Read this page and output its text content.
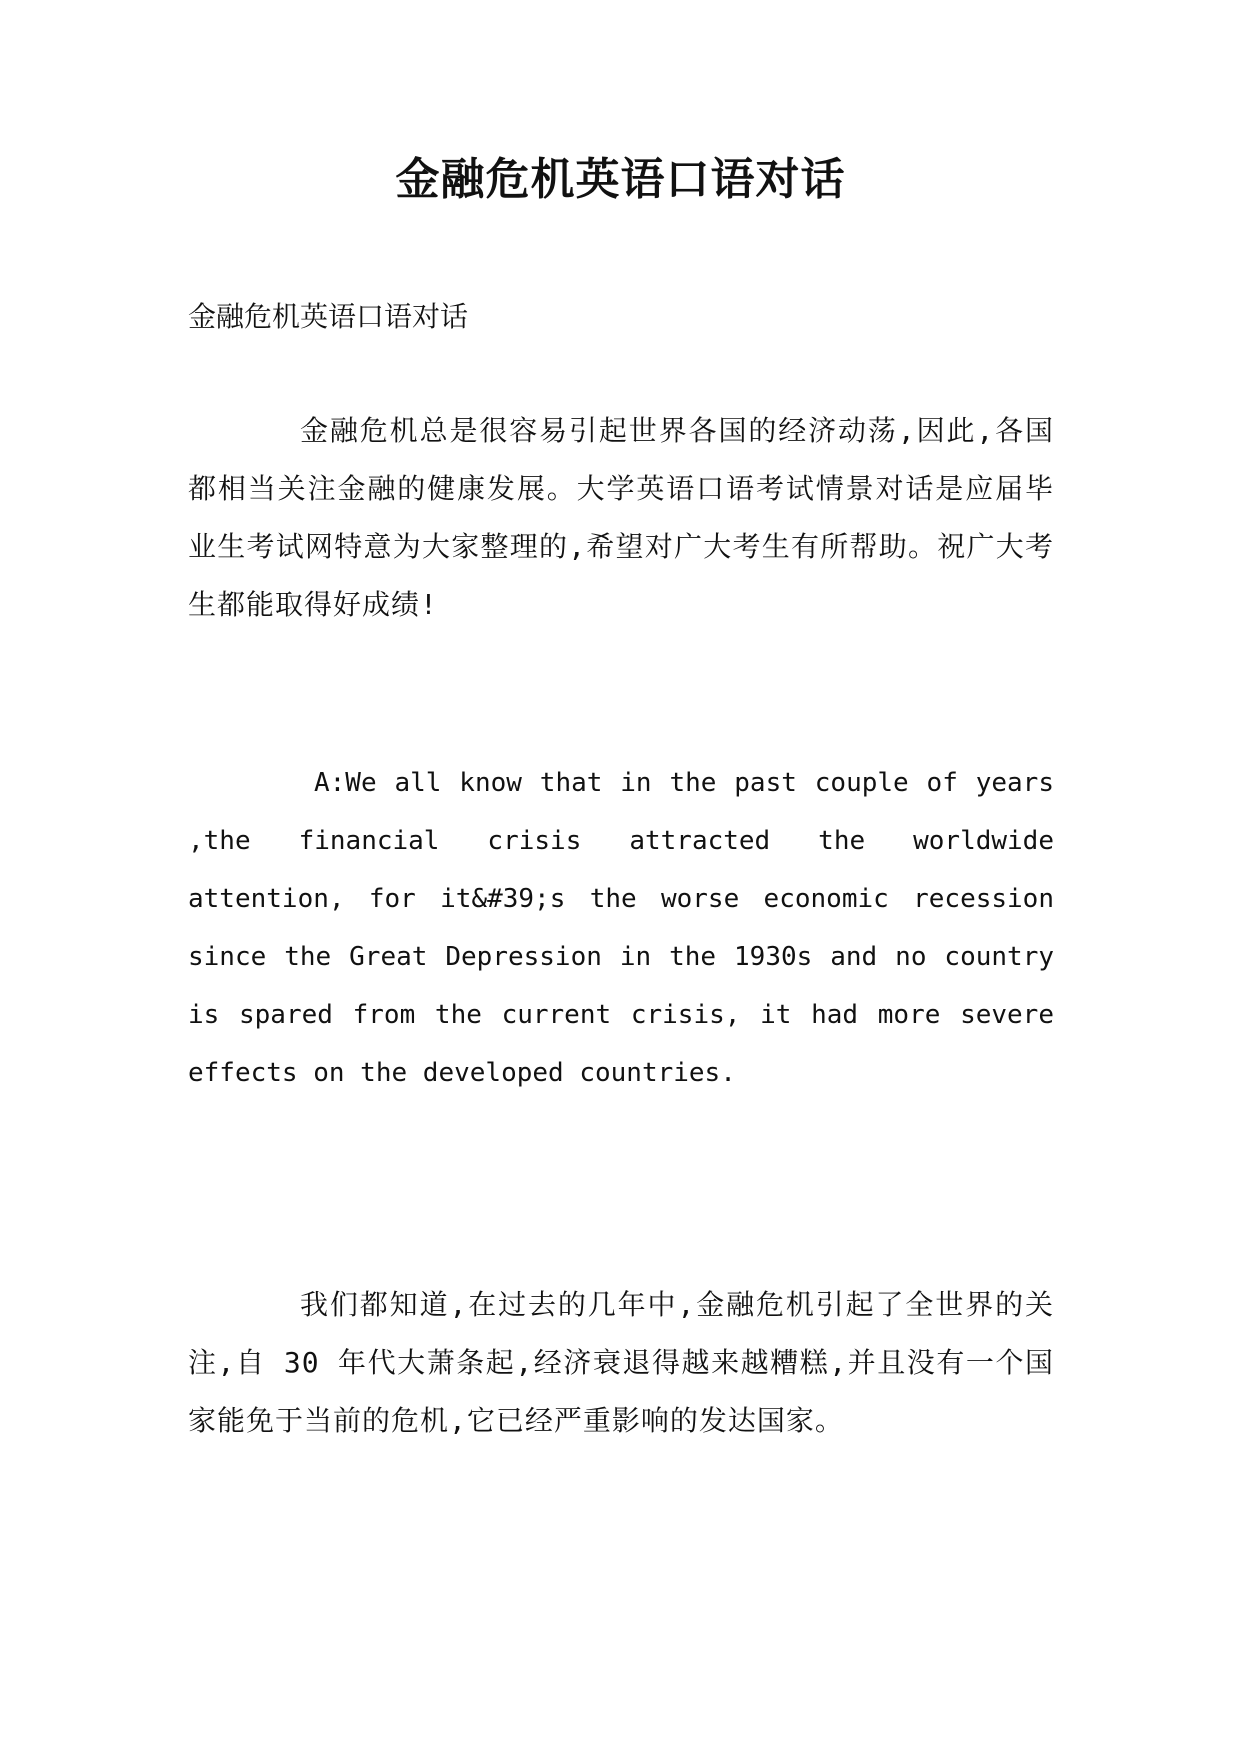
金融危机英语口语对话

金融危机英语口语对话

金融危机总是很容易引起世界各国的经济动荡,因此,各国都相当关注金融的健康发展。大学英语口语考试情景对话是应届毕业生考试网特意为大家整理的,希望对广大考生有所帮助。祝广大考生都能取得好成绩!

A:We all know that in the past couple of years ,the financial crisis attracted the worldwide attention, for it&#39;s the worse economic recession since the Great Depression in the 1930s and no country is spared from the current crisis, it had more severe effects on the developed countries.

我们都知道,在过去的几年中,金融危机引起了全世界的关注,自 30 年代大萧条起,经济衰退得越来越糟糕,并且没有一个国家能免于当前的危机,它已经严重影响的发达国家。
